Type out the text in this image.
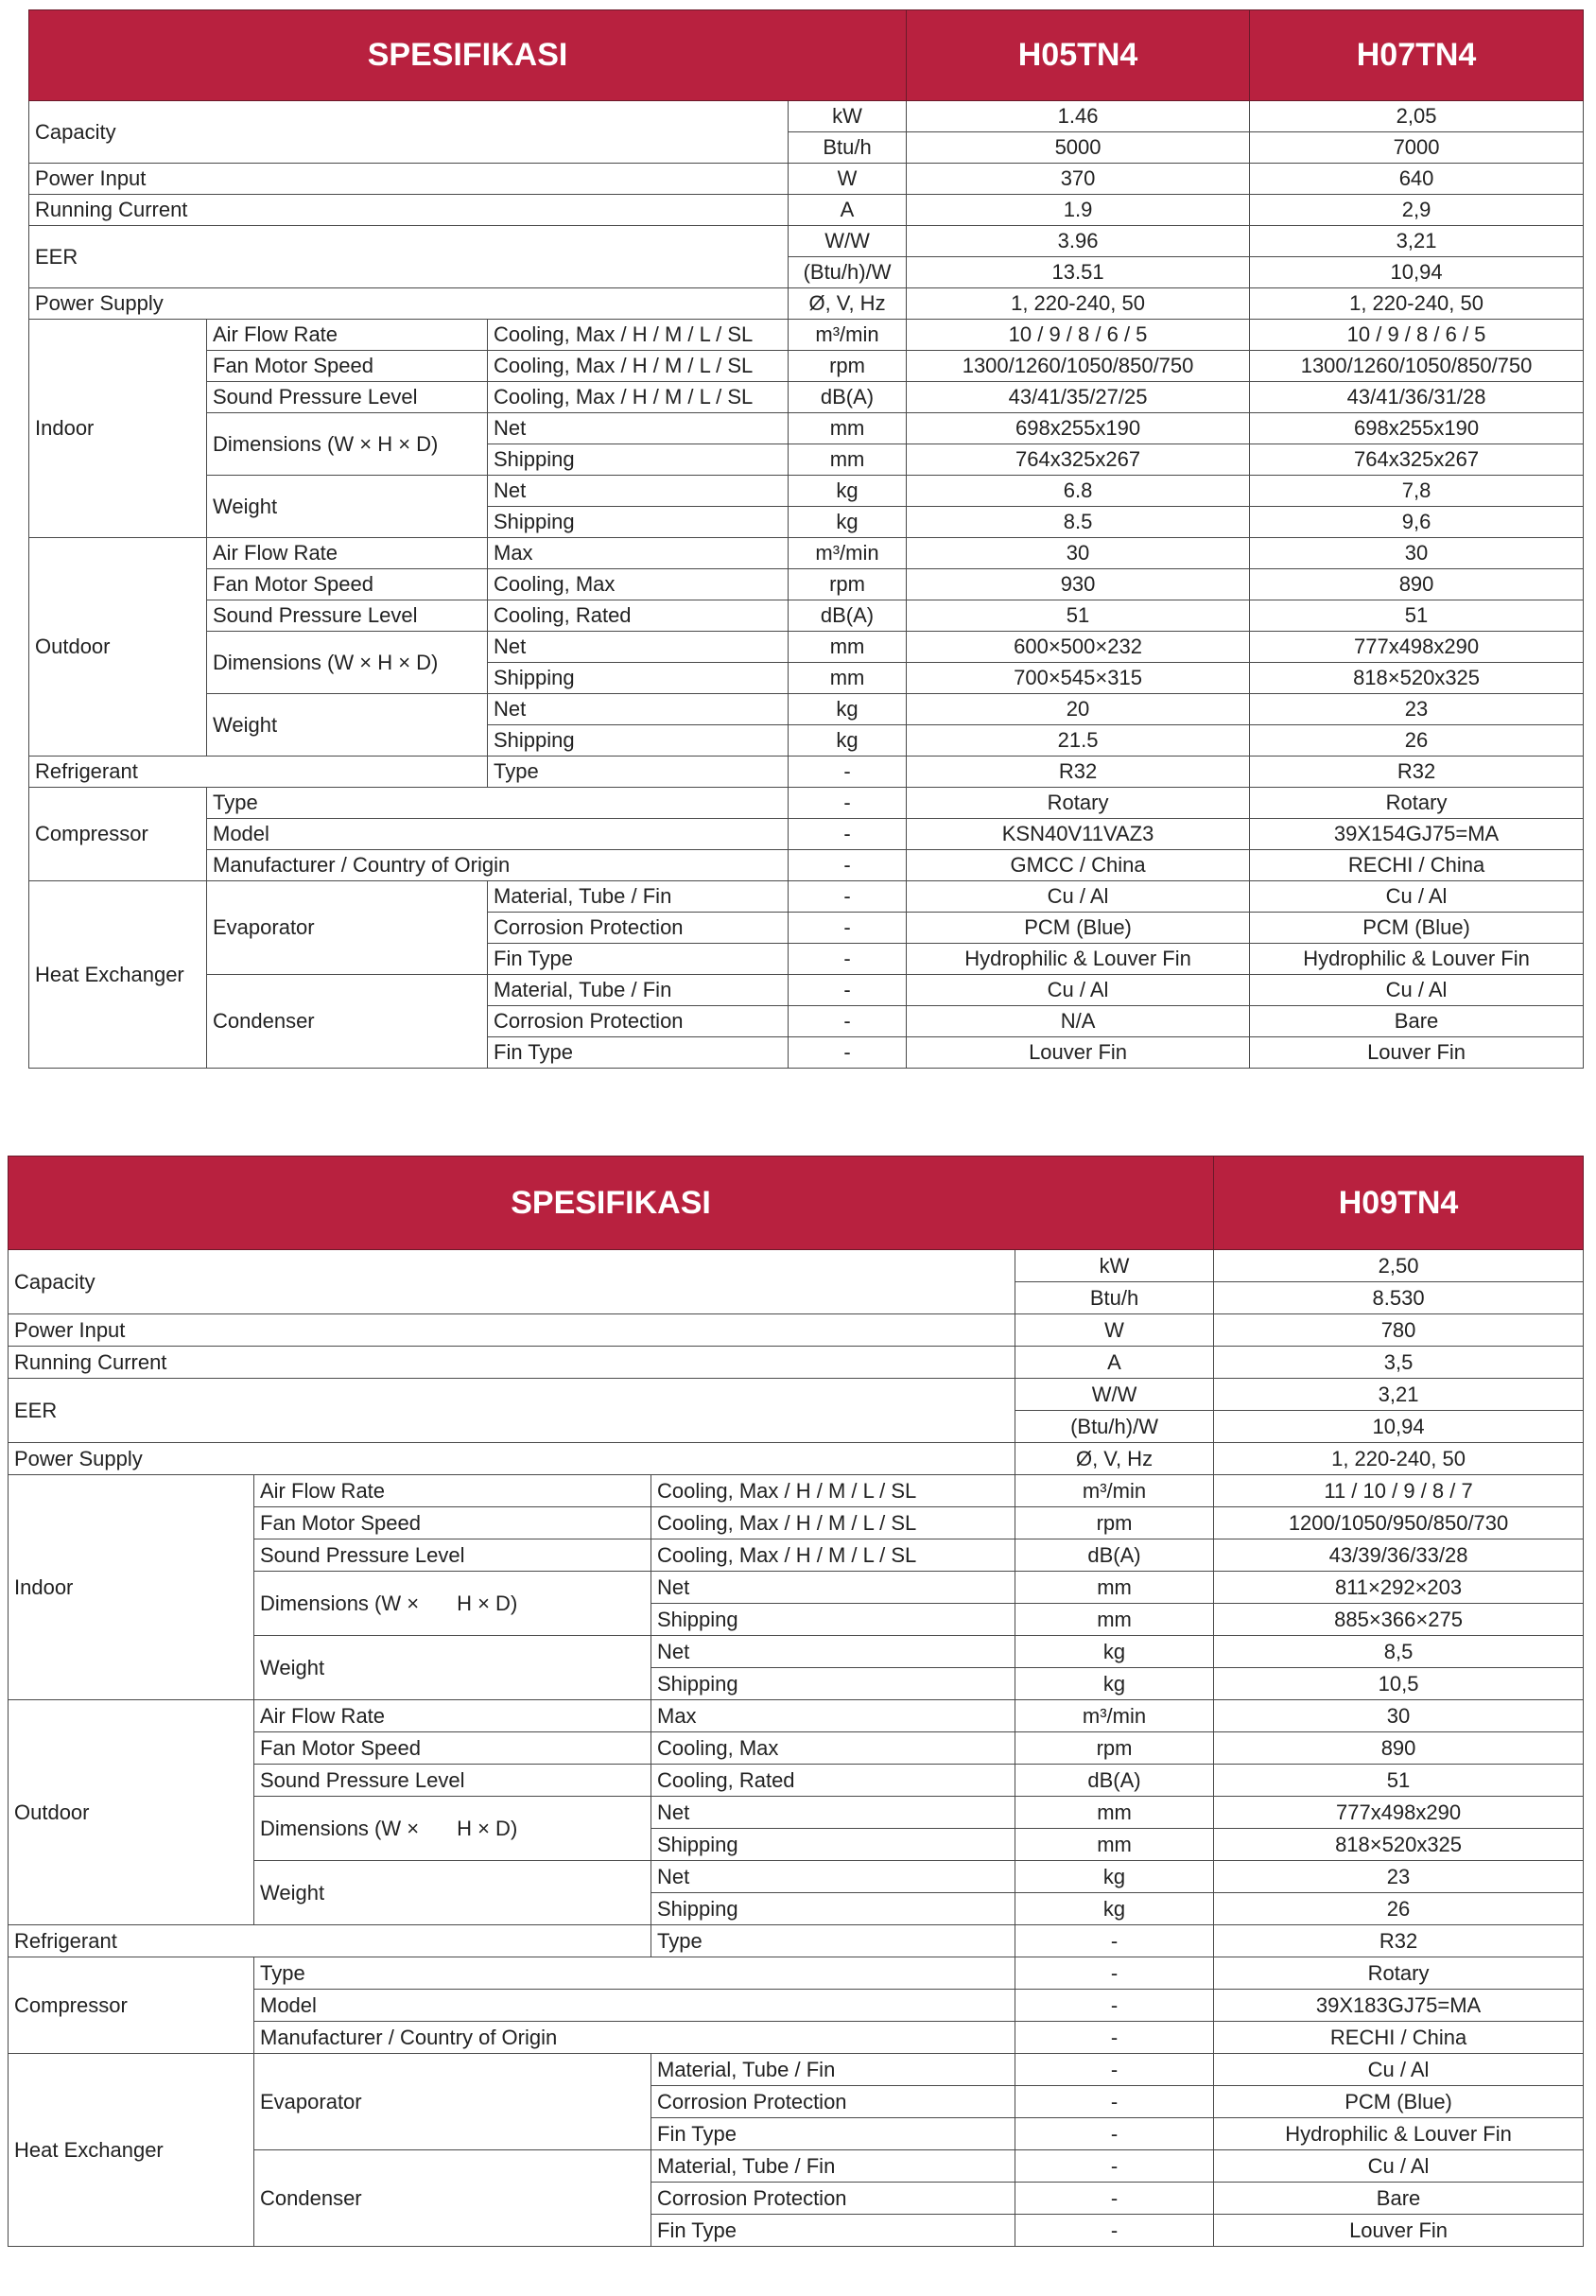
SPESIFIKASI				H05TN4	H07TN4
Capacity			kW	1.46	2,05
			Btu/h	5000	7000
Power Input			W	370	640
Running Current			A	1.9	2,9
EER			W/W	3.96	3,21
			(Btu/h)/W	13.51	10,94
Power Supply			Ø, V, Hz	1, 220-240, 50	1, 220-240, 50
Indoor	Air Flow Rate	Cooling, Max / H / M / L / SL	m³/min	10 / 9 / 8 / 6 / 5	10 / 9 / 8 / 6 / 5
	Fan Motor Speed	Cooling, Max / H / M / L / SL	rpm	1300/1260/1050/850/750	1300/1260/1050/850/750
	Sound Pressure Level	Cooling, Max / H / M / L / SL	dB(A)	43/41/35/27/25	43/41/36/31/28
	Dimensions (W × H × D)	Net	mm	698x255x190	698x255x190
		Shipping	mm	764x325x267	764x325x267
	Weight	Net	kg	6.8	7,8
		Shipping	kg	8.5	9,6
Outdoor	Air Flow Rate	Max	m³/min	30	30
	Fan Motor Speed	Cooling, Max	rpm	930	890
	Sound Pressure Level	Cooling, Rated	dB(A)	51	51
	Dimensions (W × H × D)	Net	mm	600×500×232	777x498x290
		Shipping	mm	700×545×315	818×520x325
	Weight	Net	kg	20	23
		Shipping	kg	21.5	26
Refrigerant		Type	-	R32	R32
Compressor	Type		-	Rotary	Rotary
	Model		-	KSN40V11VAZ3	39X154GJ75=MA
	Manufacturer / Country of Origin		-	GMCC / China	RECHI / China
Heat Exchanger	Evaporator	Material, Tube / Fin	-	Cu / Al	Cu / Al
		Corrosion Protection	-	PCM (Blue)	PCM (Blue)
		Fin Type	-	Hydrophilic & Louver Fin	Hydrophilic & Louver Fin
	Condenser	Material, Tube / Fin	-	Cu / Al	Cu / Al
		Corrosion Protection	-	N/A	Bare
		Fin Type	-	Louver Fin	Louver Fin
SPESIFIKASI				H09TN4
Capacity			kW	2,50
			Btu/h	8.530
Power Input			W	780
Running Current			A	3,5
EER			W/W	3,21
			(Btu/h)/W	10,94
Power Supply			Ø, V, Hz	1, 220-240, 50
Indoor	Air Flow Rate	Cooling, Max / H / M / L / SL	m³/min	11 / 10 / 9 / 8 / 7
	Fan Motor Speed	Cooling, Max / H / M / L / SL	rpm	1200/1050/950/850/730
	Sound Pressure Level	Cooling, Max / H / M / L / SL	dB(A)	43/39/36/33/28
	Dimensions (W × H × D)	Net	mm	811×292×203
		Shipping	mm	885×366×275
	Weight	Net	kg	8,5
		Shipping	kg	10,5
Outdoor	Air Flow Rate	Max	m³/min	30
	Fan Motor Speed	Cooling, Max	rpm	890
	Sound Pressure Level	Cooling, Rated	dB(A)	51
	Dimensions (W × H × D)	Net	mm	777x498x290
		Shipping	mm	818×520x325
	Weight	Net	kg	23
		Shipping	kg	26
Refrigerant		Type	-	R32
Compressor	Type		-	Rotary
	Model		-	39X183GJ75=MA
	Manufacturer / Country of Origin		-	RECHI / China
Heat Exchanger	Evaporator	Material, Tube / Fin	-	Cu / Al
		Corrosion Protection	-	PCM (Blue)
		Fin Type	-	Hydrophilic & Louver Fin
	Condenser	Material, Tube / Fin	-	Cu / Al
		Corrosion Protection	-	Bare
		Fin Type	-	Louver Fin
